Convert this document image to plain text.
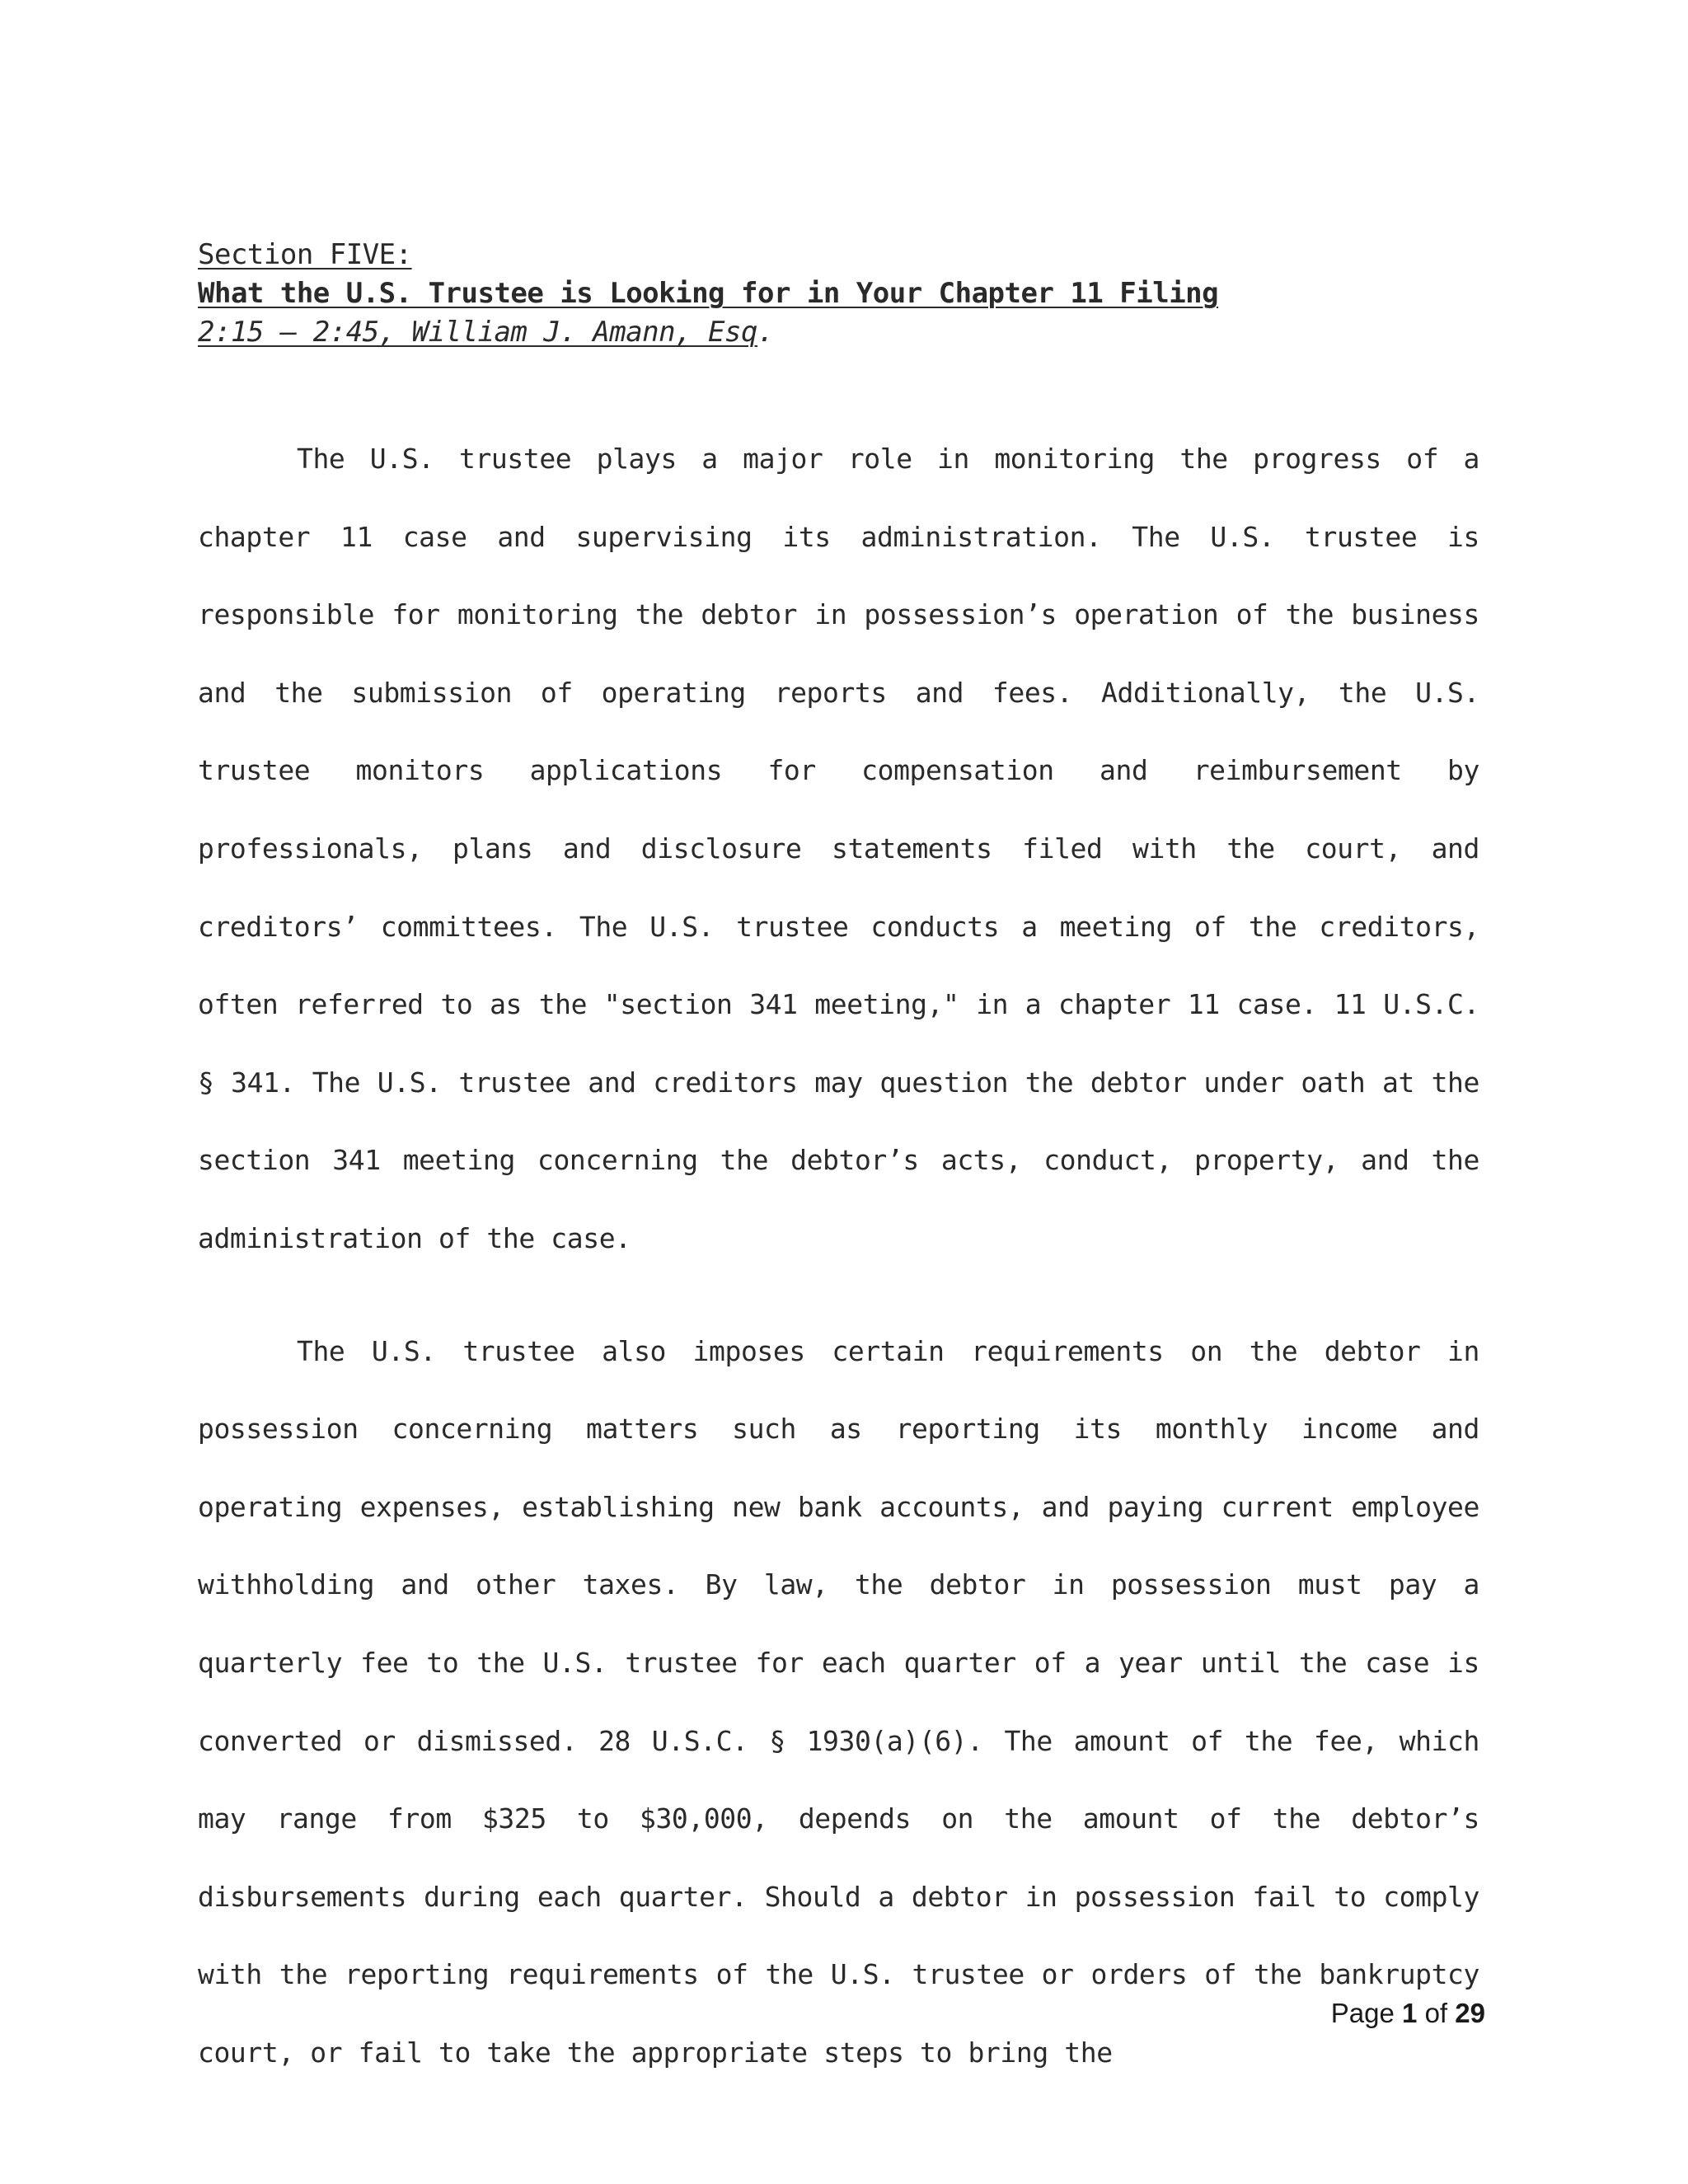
Section FIVE:
What the U.S. Trustee is Looking for in Your Chapter 11 Filing
2:15 – 2:45, William J. Amann, Esq.

The U.S. trustee plays a major role in monitoring the progress of a chapter 11 case and supervising its administration. The U.S. trustee is responsible for monitoring the debtor in possession’s operation of the business and the submission of operating reports and fees. Additionally, the U.S. trustee monitors applications for compensation and reimbursement by professionals, plans and disclosure statements filed with the court, and creditors’ committees. The U.S. trustee conducts a meeting of the creditors, often referred to as the "section 341 meeting," in a chapter 11 case. 11 U.S.C. § 341. The U.S. trustee and creditors may question the debtor under oath at the section 341 meeting concerning the debtor’s acts, conduct, property, and the administration of the case.

The U.S. trustee also imposes certain requirements on the debtor in possession concerning matters such as reporting its monthly income and operating expenses, establishing new bank accounts, and paying current employee withholding and other taxes. By law, the debtor in possession must pay a quarterly fee to the U.S. trustee for each quarter of a year until the case is converted or dismissed. 28 U.S.C. § 1930(a)(6). The amount of the fee, which may range from $325 to $30,000, depends on the amount of the debtor’s disbursements during each quarter. Should a debtor in possession fail to comply with the reporting requirements of the U.S. trustee or orders of the bankruptcy court, or fail to take the appropriate steps to bring the

Page 1 of 29
